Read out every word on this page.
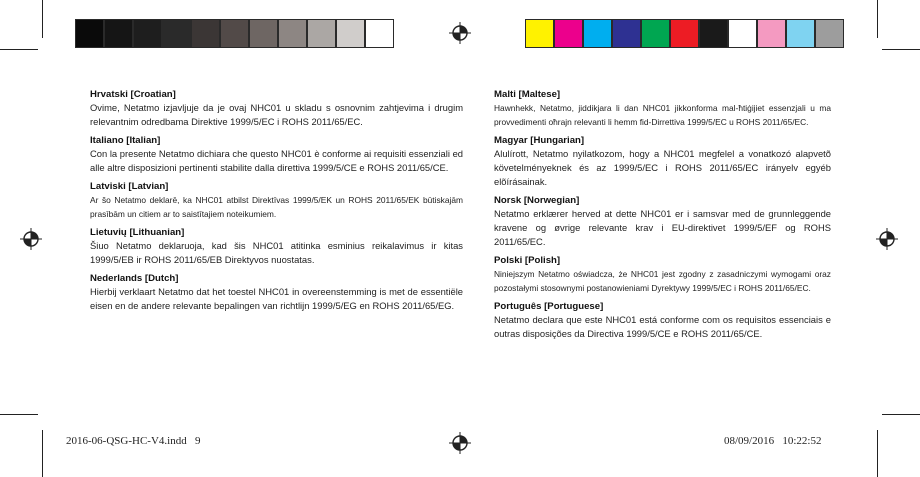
Hrvatski [Croatian]

Ovime, Netatmo izjavljuje da je ovaj NHC01 u skladu s osnovnim zahtjevima i drugim relevantnim odredbama Direktive 1999/5/EC i ROHS 2011/65/EC.

Italiano [Italian]

Con la presente Netatmo dichiara che questo NHC01 è conforme ai requisiti essenziali ed alle altre disposizioni pertinenti stabilite dalla direttiva 1999/5/CE e ROHS 2011/65/CE.

Latviski [Latvian]

Ar šo Netatmo deklarē, ka NHC01 atbilst Direktīvas 1999/5/EK un ROHS 2011/65/EK būtiskajām prasībām un citiem ar to saistītajiem noteikumiem.

Lietuvių [Lithuanian]

Šiuo Netatmo deklaruoja, kad šis NHC01 atitinka esminius reikalavimus ir kitas 1999/5/EB ir ROHS 2011/65/EB Direktyvos nuostatas.

Nederlands [Dutch]

Hierbij verklaart Netatmo dat het toestel NHC01 in overeenstemming is met de essentiële eisen en de andere relevante bepalingen van richtlijn 1999/5/EG en ROHS 2011/65/EG.

Malti [Maltese]

Hawnhekk, Netatmo, jiddikjara li dan NHC01 jikkonforma mal-ħtiġijiet essenzjali u ma provvedimenti oħrajn relevanti li hemm fid-Dirrettiva 1999/5/EC u ROHS 2011/65/EC.

Magyar [Hungarian]

Alulírott, Netatmo nyilatkozom, hogy a NHC01 megfelel a vonatkozó alapvetõ követelményeknek és az 1999/5/EC i ROHS 2011/65/EC irányelv egyéb elõírásainak.

Norsk [Norwegian]

Netatmo erklærer herved at dette NHC01 er i samsvar med de grunnleggende kravene og øvrige relevante krav i EU-direktivet 1999/5/EF og ROHS 2011/65/EC.

Polski [Polish]

Niniejszym Netatmo oświadcza, że NHC01 jest zgodny z zasadniczymi wymogami oraz pozostałymi stosownymi postanowieniami Dyrektywy 1999/5/EC i ROHS 2011/65/EC.

Português [Portuguese]

Netatmo declara que este NHC01 está conforme com os requisitos essenciais e outras disposições da Directiva 1999/5/CE e ROHS 2011/65/CE.

2016-06-QSG-HC-V4.indd   9	08/09/2016   10:22:52
